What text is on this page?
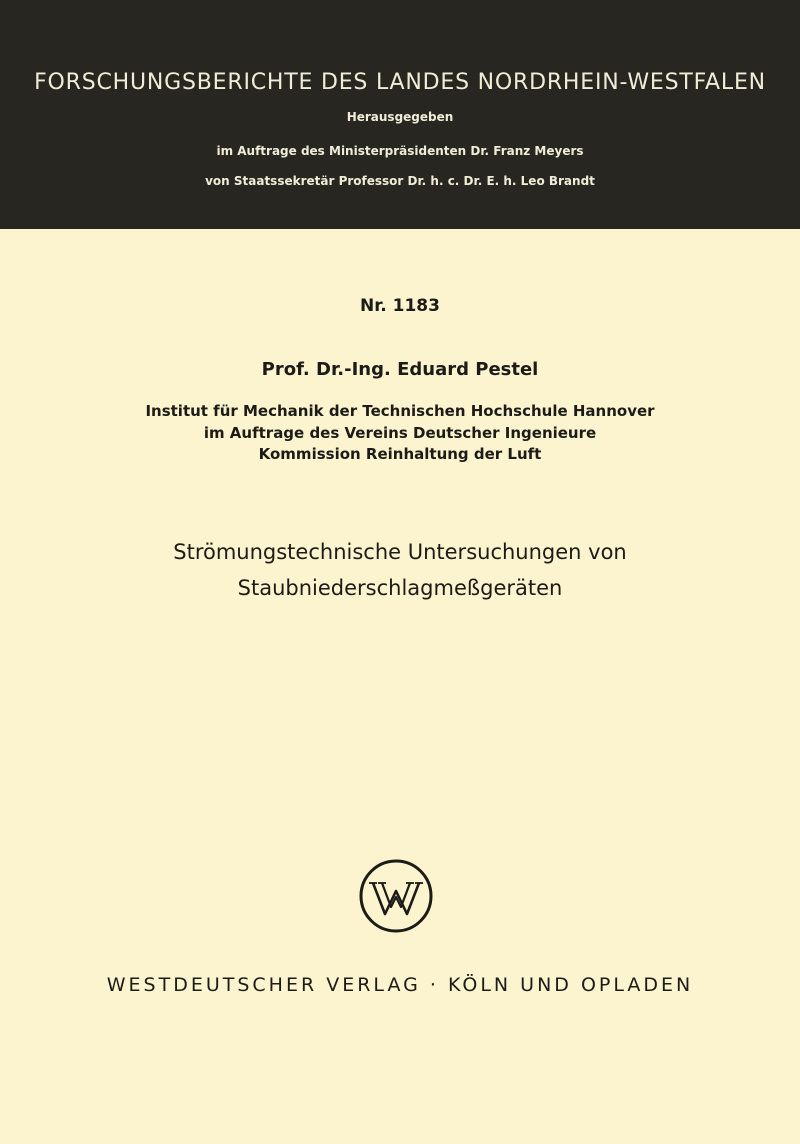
FORSCHUNGSBERICHTE DES LANDES NORDRHEIN-WESTFALEN
Herausgegeben
im Auftrage des Ministerpräsidenten Dr. Franz Meyers
von Staatssekretär Professor Dr. h. c. Dr. E. h. Leo Brandt
Nr. 1183
Prof. Dr.-Ing. Eduard Pestel
Institut für Mechanik der Technischen Hochschule Hannover
im Auftrage des Vereins Deutscher Ingenieure
Kommission Reinhaltung der Luft
Strömungstechnische Untersuchungen von
Staubniederschlagmeßgeräten
WESTDEUTSCHER VERLAG · KÖLN UND OPLADEN
